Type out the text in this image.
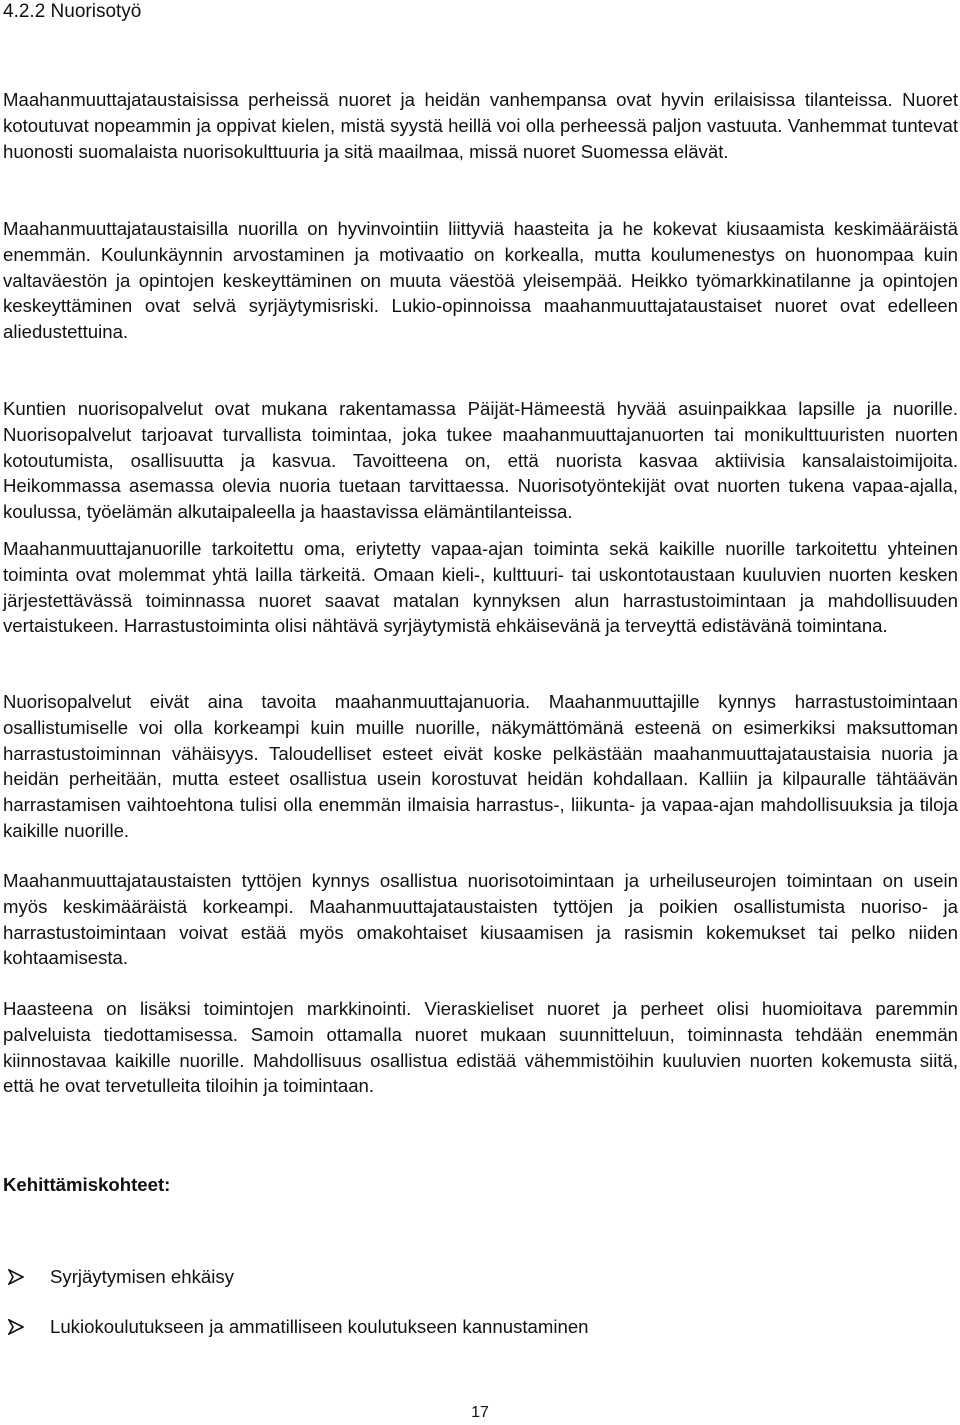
4.2.2 Nuorisotyö

Maahanmuuttajataustaisissa perheissä nuoret ja heidän vanhempansa ovat hyvin erilaisissa tilanteissa. Nuoret kotoutuvat nopeammin ja oppivat kielen, mistä syystä heillä voi olla perheessä paljon vastuuta. Vanhemmat tuntevat huonosti suomalaista nuorisokulttuuria ja sitä maailmaa, missä nuoret Suomessa elävät.

Maahanmuuttajataustaisilla nuorilla on hyvinvointiin liittyviä haasteita ja he kokevat kiusaamista keskimääräistä enemmän. Koulunkäynnin arvostaminen ja motivaatio on korkealla, mutta koulumenestys on huonompaa kuin valtaväestön ja opintojen keskeyttäminen on muuta väestöä yleisempää. Heikko työmarkkinatilanne ja opintojen keskeyttäminen ovat selvä syrjäytymisriski. Lukio-opinnoissa maahanmuuttajataustaiset nuoret ovat edelleen aliedustettuina.

Kuntien nuorisopalvelut ovat mukana rakentamassa Päijät-Hämeestä hyvää asuinpaikkaa lapsille ja nuorille. Nuorisopalvelut tarjoavat turvallista toimintaa, joka tukee maahanmuuttajanuorten tai monikulttuuristen nuorten kotoutumista, osallisuutta ja kasvua. Tavoitteena on, että nuorista kasvaa aktiivisia kansalaistoimijoita. Heikommassa asemassa olevia nuoria tuetaan tarvittaessa. Nuorisotyöntekijät ovat nuorten tukena vapaa-ajalla, koulussa, työelämän alkutaipaleella ja haastavissa elämäntilanteissa.

Maahanmuuttajanuorille tarkoitettu oma, eriytetty vapaa-ajan toiminta sekä kaikille nuorille tarkoitettu yhteinen toiminta ovat molemmat yhtä lailla tärkeitä. Omaan kieli-, kulttuuri- tai uskontotaustaan kuuluvien nuorten kesken järjestettävässä toiminnassa nuoret saavat matalan kynnyksen alun harrastustoimintaan ja mahdollisuuden vertaistukeen. Harrastustoiminta olisi nähtävä syrjäytymistä ehkäisevänä ja terveyttä edistävänä toimintana.

Nuorisopalvelut eivät aina tavoita maahanmuuttajanuoria. Maahanmuuttajille kynnys harrastustoimintaan osallistumiselle voi olla korkeampi kuin muille nuorille, näkymättömänä esteenä on esimerkiksi maksuttoman harrastustoiminnan vähäisyys. Taloudelliset esteet eivät koske pelkästään maahanmuuttajataustaisia nuoria ja heidän perheitään, mutta esteet osallistua usein korostuvat heidän kohdallaan. Kalliin ja kilpauralle tähtäävän harrastamisen vaihtoehtona tulisi olla enemmän ilmaisia harrastus-, liikunta- ja vapaa-ajan mahdollisuuksia ja tiloja kaikille nuorille.

Maahanmuuttajataustaisten tyttöjen kynnys osallistua nuorisotoimintaan ja urheiluseurojen toimintaan on usein myös keskimääräistä korkeampi. Maahanmuuttajataustaisten tyttöjen ja poikien osallistumista nuoriso- ja harrastustoimintaan voivat estää myös omakohtaiset kiusaamisen ja rasismin kokemukset tai pelko niiden kohtaamisesta.

Haasteena on lisäksi toimintojen markkinointi. Vieraskieliset nuoret ja perheet olisi huomioitava paremmin palveluista tiedottamisessa. Samoin ottamalla nuoret mukaan suunnitteluun, toiminnasta tehdään enemmän kiinnostavaa kaikille nuorille. Mahdollisuus osallistua edistää vähemmistöihin kuuluvien nuorten kokemusta siitä, että he ovat tervetulleita tiloihin ja toimintaan.

Kehittämiskohteet:

Syrjäytymisen ehkäisy
Lukiokoulutukseen ja ammatilliseen koulutukseen kannustaminen
17
